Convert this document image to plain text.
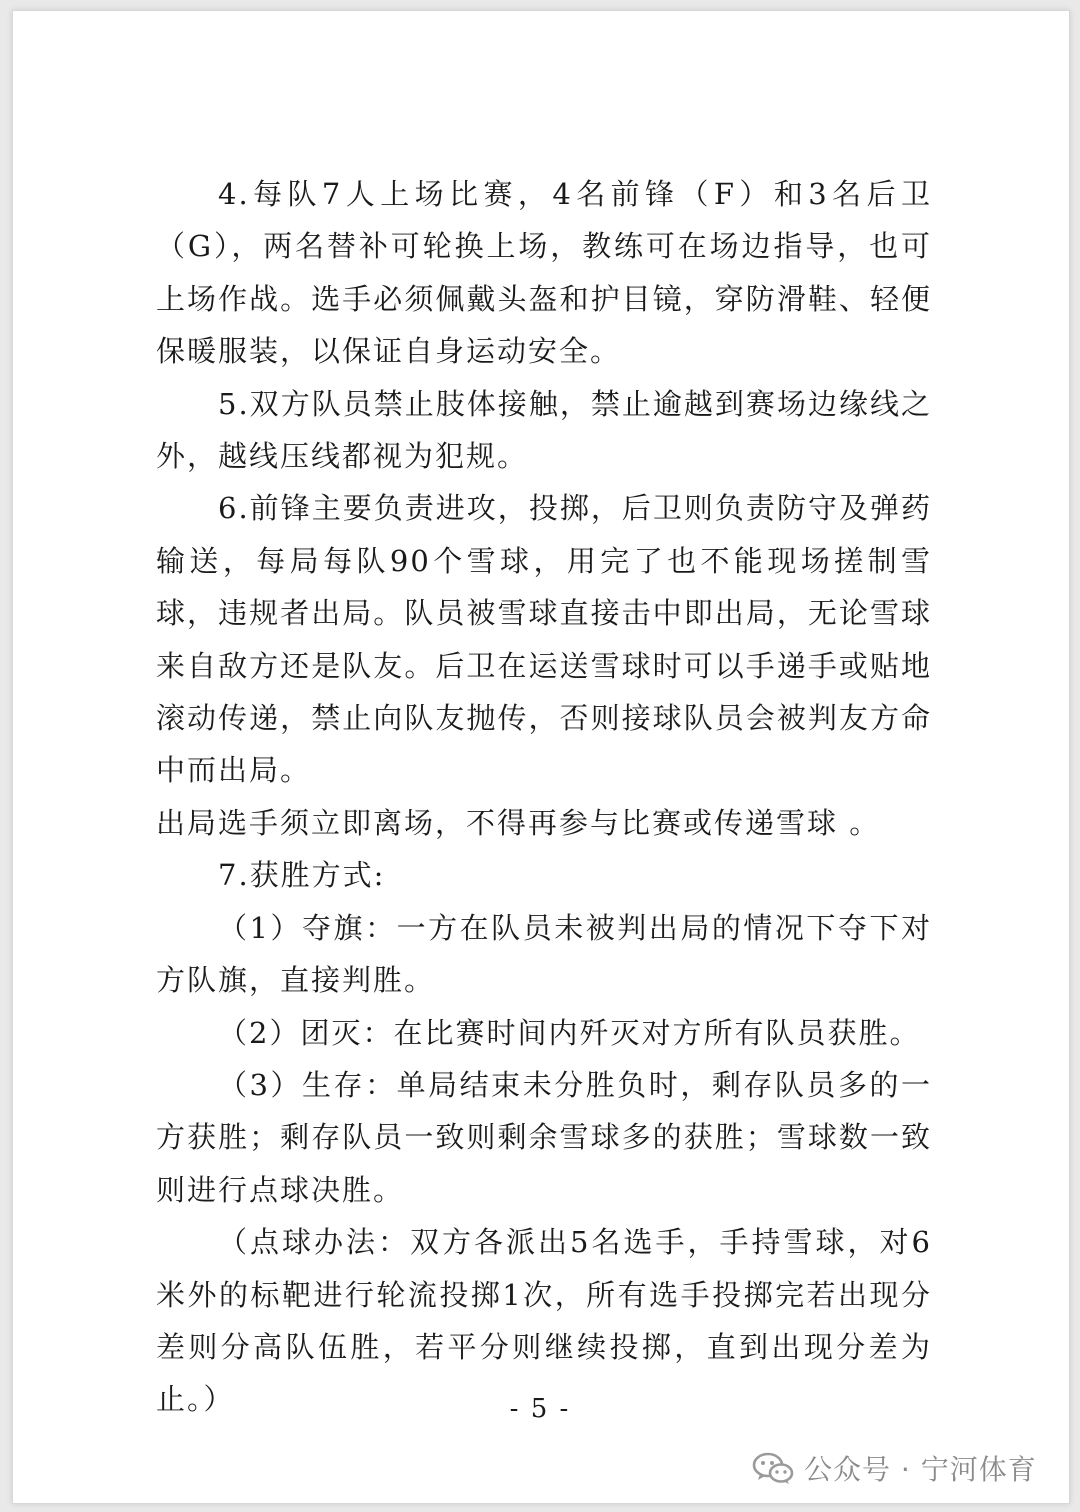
4.每队7人上场比赛，4名前锋（F）和3名后卫（G），两名替补可轮换上场，教练可在场边指导，也可上场作战。选手必须佩戴头盔和护目镜，穿防滑鞋、轻便保暖服装，以保证自身运动安全。

5.双方队员禁止肢体接触，禁止逾越到赛场边缘线之外，越线压线都视为犯规。

6.前锋主要负责进攻，投掷，后卫则负责防守及弹药输送，每局每队90个雪球，用完了也不能现场搓制雪球，违规者出局。队员被雪球直接击中即出局，无论雪球来自敌方还是队友。后卫在运送雪球时可以手递手或贴地滚动传递，禁止向队友抛传，否则接球队员会被判友方命中而出局。

出局选手须立即离场，不得再参与比赛或传递雪球 。

7.获胜方式:

（1）夺旗：一方在队员未被判出局的情况下夺下对方队旗，直接判胜。

（2）团灭：在比赛时间内歼灭对方所有队员获胜。

（3）生存：单局结束未分胜负时，剩存队员多的一方获胜；剩存队员一致则剩余雪球多的获胜；雪球数一致则进行点球决胜。

（点球办法：双方各派出5名选手，手持雪球，对6米外的标靶进行轮流投掷1次，所有选手投掷完若出现分差则分高队伍胜，若平分则继续投掷，直到出现分差为止。）	- 5 -
公众号 · 宁河体育
